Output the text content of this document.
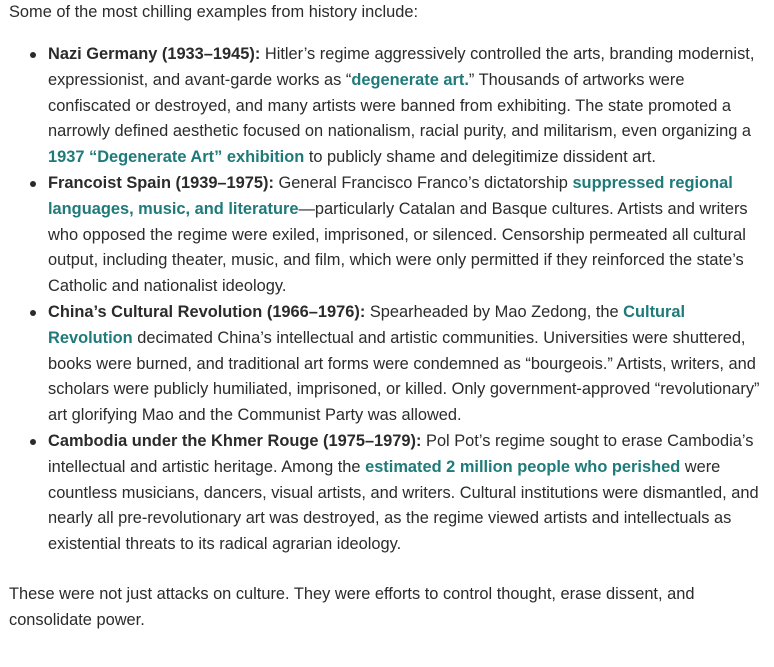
Some of the most chilling examples from history include:

Nazi Germany (1933–1945): Hitler’s regime aggressively controlled the arts, branding modernist, expressionist, and avant-garde works as “degenerate art.” Thousands of artworks were confiscated or destroyed, and many artists were banned from exhibiting. The state promoted a narrowly defined aesthetic focused on nationalism, racial purity, and militarism, even organizing a 1937 “Degenerate Art” exhibition to publicly shame and delegitimize dissident art.
Francoist Spain (1939–1975): General Francisco Franco’s dictatorship suppressed regional languages, music, and literature—particularly Catalan and Basque cultures. Artists and writers who opposed the regime were exiled, imprisoned, or silenced. Censorship permeated all cultural output, including theater, music, and film, which were only permitted if they reinforced the state’s Catholic and nationalist ideology.
China’s Cultural Revolution (1966–1976): Spearheaded by Mao Zedong, the Cultural Revolution decimated China’s intellectual and artistic communities. Universities were shuttered, books were burned, and traditional art forms were condemned as “bourgeois.” Artists, writers, and scholars were publicly humiliated, imprisoned, or killed. Only government-approved “revolutionary” art glorifying Mao and the Communist Party was allowed.
Cambodia under the Khmer Rouge (1975–1979): Pol Pot’s regime sought to erase Cambodia’s intellectual and artistic heritage. Among the estimated 2 million people who perished were countless musicians, dancers, visual artists, and writers. Cultural institutions were dismantled, and nearly all pre-revolutionary art was destroyed, as the regime viewed artists and intellectuals as existential threats to its radical agrarian ideology.

These were not just attacks on culture. They were efforts to control thought, erase dissent, and consolidate power.
